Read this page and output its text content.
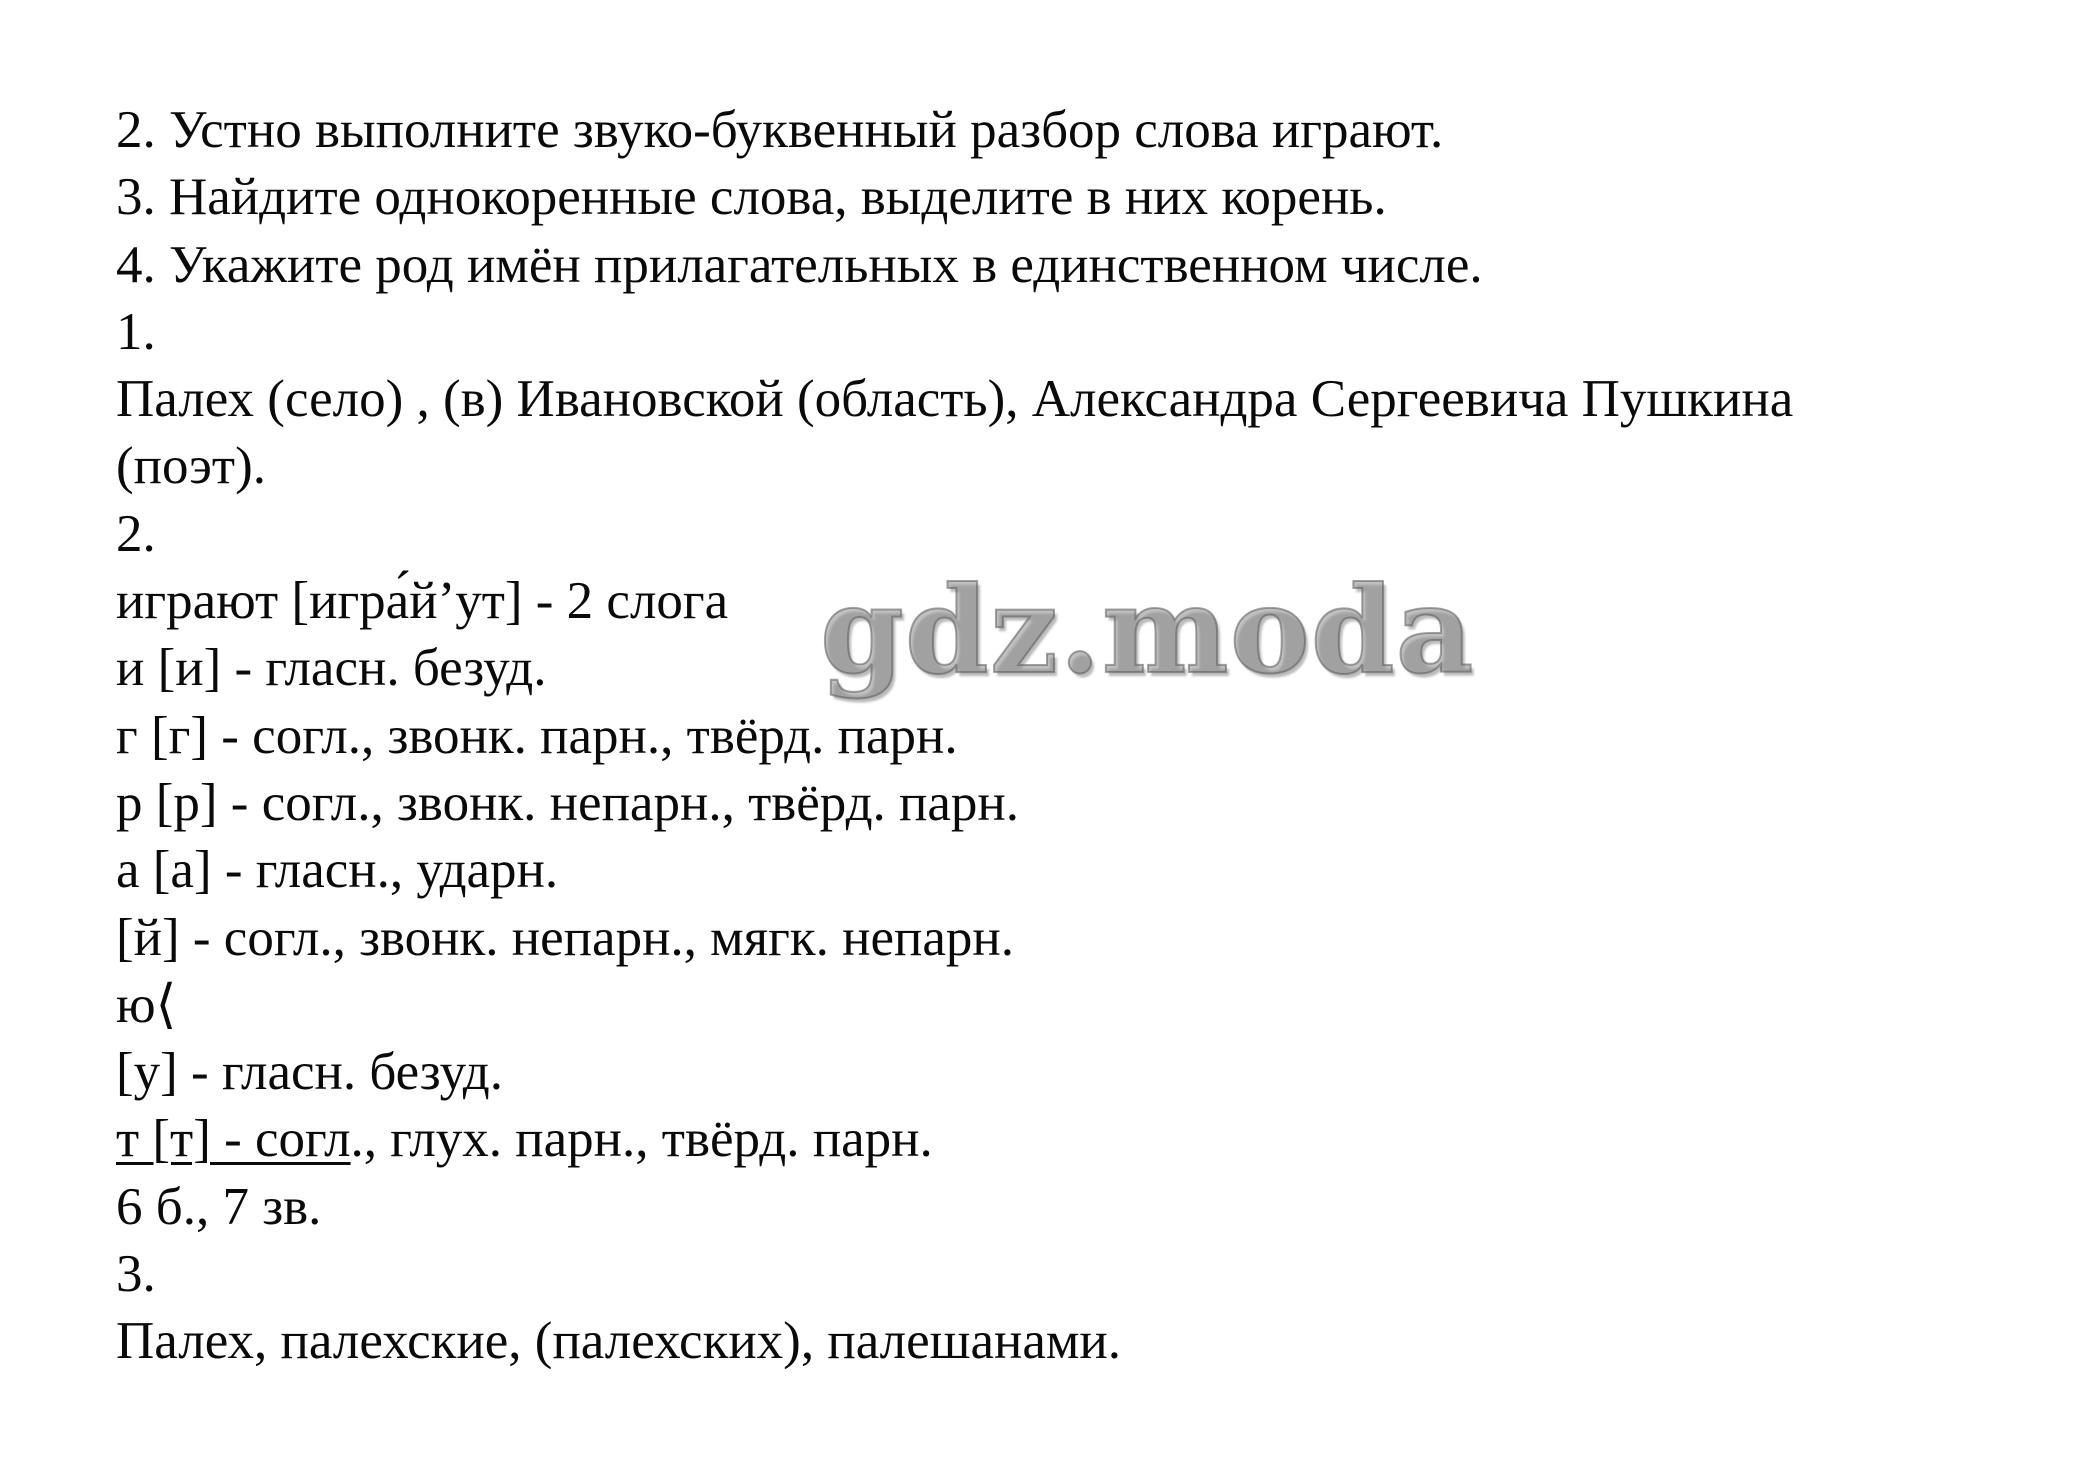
2. Устно выполните звуко-буквенный разбор слова играют.
3. Найдите однокоренные слова, выделите в них корень.
4. Укажите род имён прилагательных в единственном числе.
1.
Палех (село) , (в) Ивановской (область), Александра Сергеевича Пушкина
(поэт).
2.
играют [игра́й’ут] - 2 слога
и [и] - гласн. безуд.
г [г] - согл., звонк. парн., твёрд. парн.
р [р] - согл., звонк. непарн., твёрд. парн.
а [а] - гласн., ударн.
[й] - согл., звонк. непарн., мягк. непарн.
ю⟨
[у] - гласн. безуд.
т [т] - согл., глух. парн., твёрд. парн.
6 б., 7 зв.
3.
Палех, палехские, (палехских), палешанами.
gdz.moda
